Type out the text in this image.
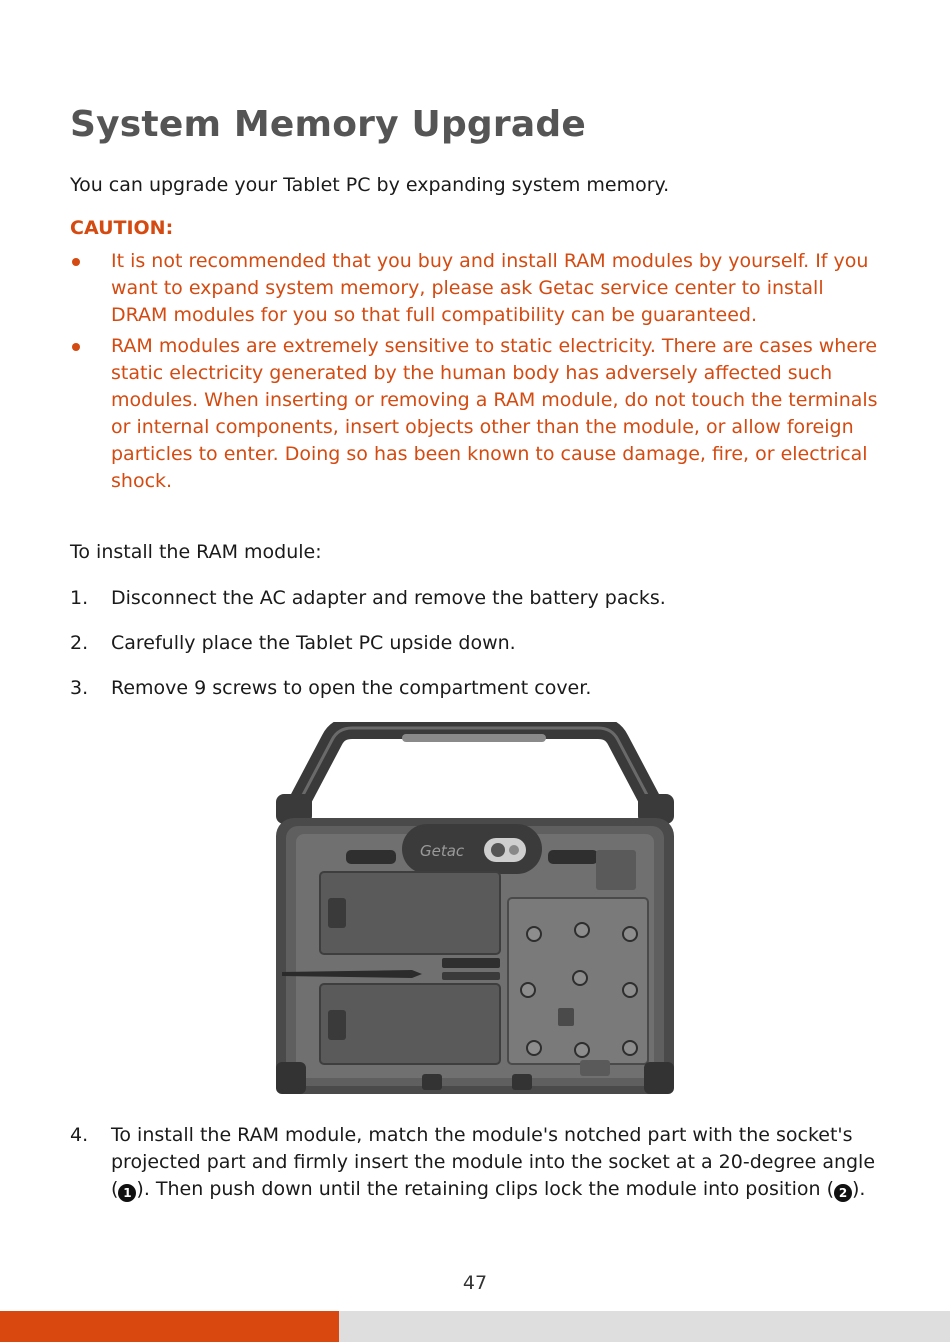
System Memory Upgrade

You can upgrade your Tablet PC by expanding system memory.

CAUTION:

It is not recommended that you buy and install RAM modules by yourself. If you want to expand system memory, please ask Getac service center to install DRAM modules for you so that full compatibility can be guaranteed.
RAM modules are extremely sensitive to static electricity. There are cases where static electricity generated by the human body has adversely affected such modules. When inserting or removing a RAM module, do not touch the terminals or internal components, insert objects other than the module, or allow foreign particles to enter. Doing so has been known to cause damage, fire, or electrical shock.

To install the RAM module:

1. Disconnect the AC adapter and remove the battery packs.
2. Carefully place the Tablet PC upside down.
3. Remove 9 screws to open the compartment cover.
Getac
4. To install the RAM module, match the module's notched part with the socket's projected part and firmly insert the module into the socket at a 20-degree angle ( 1 ). Then push down until the retaining clips lock the module into position ( 2 ).
47
